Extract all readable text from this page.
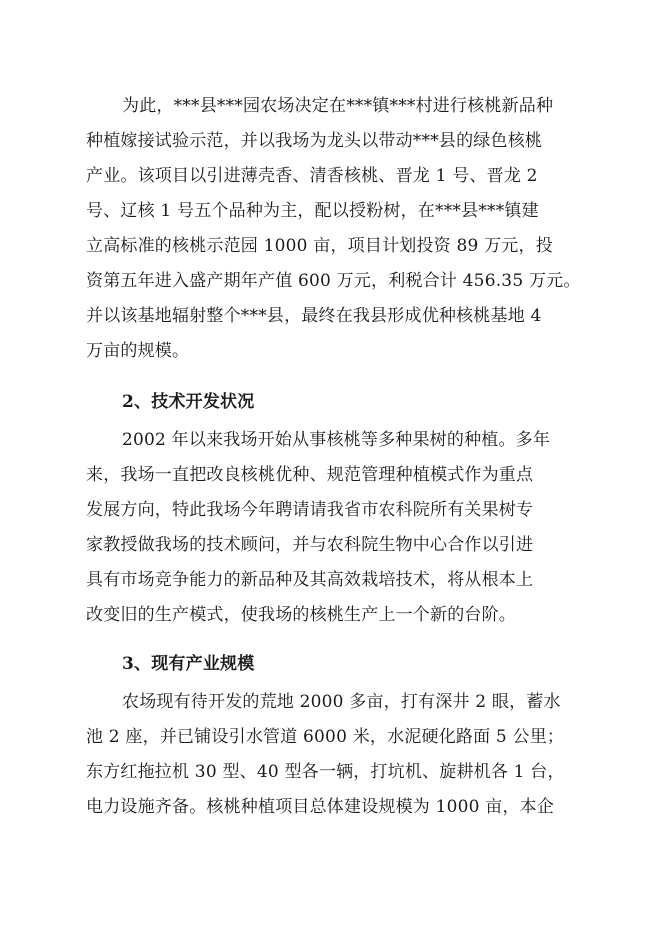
为此，***县***园农场决定在***镇***村进行核桃新品种
种植嫁接试验示范，并以我场为龙头以带动***县的绿色核桃
产业。该项目以引进薄壳香、清香核桃、晋龙 1 号、晋龙 2
号、辽核 1 号五个品种为主，配以授粉树，在***县***镇建
立高标准的核桃示范园 1000 亩，项目计划投资 89 万元，投
资第五年进入盛产期年产值 600 万元，利税合计 456.35 万元。
并以该基地辐射整个***县，最终在我县形成优种核桃基地 4
万亩的规模。
2、技术开发状况
2002 年以来我场开始从事核桃等多种果树的种植。多年
来，我场一直把改良核桃优种、规范管理种植模式作为重点
发展方向，特此我场今年聘请请我省市农科院所有关果树专
家教授做我场的技术顾问，并与农科院生物中心合作以引进
具有市场竞争能力的新品种及其高效栽培技术，将从根本上
改变旧的生产模式，使我场的核桃生产上一个新的台阶。
3、现有产业规模
农场现有待开发的荒地 2000 多亩，打有深井 2 眼，蓄水
池 2 座，并已铺设引水管道 6000 米，水泥硬化路面 5 公里；
东方红拖拉机 30 型、40 型各一辆，打坑机、旋耕机各 1 台，
电力设施齐备。核桃种植项目总体建设规模为 1000 亩，本企
